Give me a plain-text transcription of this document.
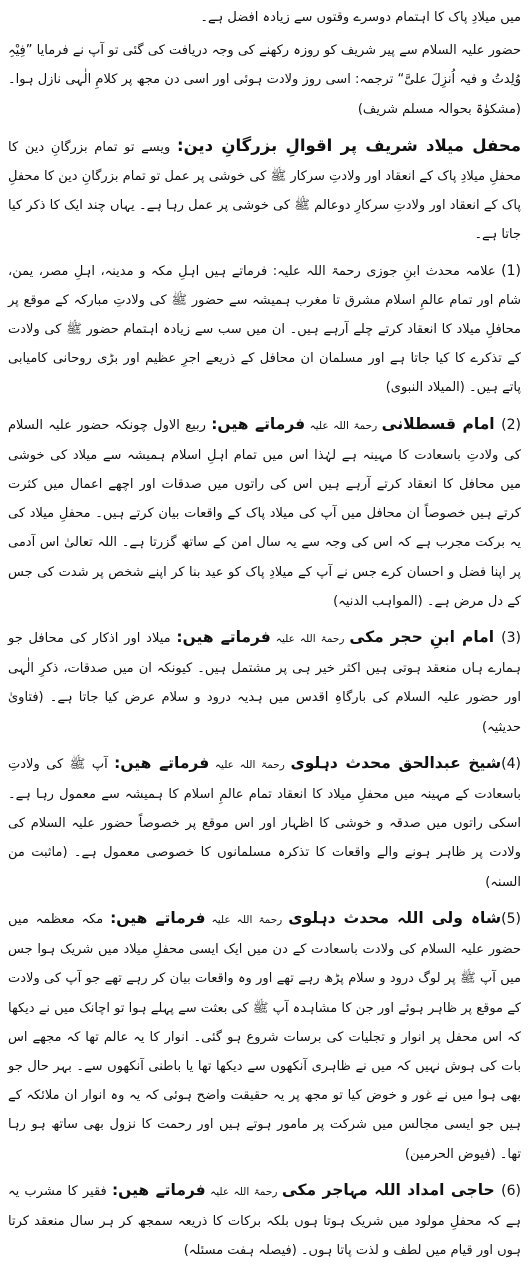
میں میلادِ پاک کا اہتمام دوسرے وقتوں سے زیادہ افضل ہے۔

حضور علیہ السلام سے پیر شریف کو روزہ رکھنے کی وجہ دریافت کی گئی تو آپ نے فرمایا ”فِیْہِ وُلِدتُ و فیہ اُنزِلَ علیَّ“ ترجمہ: اسی روز ولادت ہوئی اور اسی دن مجھ پر کلامِ الٰہی نازل ہوا۔ (مشکوٰۃ بحوالہ مسلم شریف)

محفل میلاد شریف پر اقوالِ بزرگانِ دین: ویسے تو تمام بزرگانِ دین کا محفلِ میلادِ پاک کے انعقاد اور ولادتِ سرکار ﷺ کی خوشی پر عمل تو تمام بزرگانِ دین کا محفلِ پاک کے انعقاد اور ولادتِ سرکارِ دوعالم ﷺ کی خوشی پر عمل رہا ہے۔ یہاں چند ایک کا ذکر کیا جاتا ہے۔

(1) علامہ محدث ابنِ جوزی رحمۃ اللہ علیہ: فرماتے ہیں اہلِ مکہ و مدینہ، اہلِ مصر، یمن، شام اور تمام عالمِ اسلام مشرق تا مغرب ہمیشہ سے حضور ﷺ کی ولادتِ مبارکہ کے موقع پر محافلِ میلاد کا انعقاد کرتے چلے آرہے ہیں۔ ان میں سب سے زیادہ اہتمام حضور ﷺ کی ولادت کے تذکرے کا کیا جاتا ہے اور مسلمان ان محافل کے ذریعے اجرِ عظیم اور بڑی روحانی کامیابی پاتے ہیں۔ (المیلاد النبوی)

(2) امام قسطلانی رحمۃ اللہ علیہ فرماتے ھیں: ربیع الاول چونکہ حضور علیہ السلام کی ولادتِ باسعادت کا مہینہ ہے لہٰذا اس میں تمام اہلِ اسلام ہمیشہ سے میلاد کی خوشی میں محافل کا انعقاد کرتے آرہے ہیں اس کی راتوں میں صدقات اور اچھے اعمال میں کثرت کرتے ہیں خصوصاً ان محافل میں آپ کی میلاد پاک کے واقعات بیان کرتے ہیں۔ محفلِ میلاد کی یہ برکت مجرب ہے کہ اس کی وجہ سے یہ سال امن کے ساتھ گزرتا ہے۔ اللہ تعالیٰ اس آدمی پر اپنا فضل و احسان کرے جس نے آپ کے میلادِ پاک کو عید بنا کر اپنے شخص پر شدت کی جس کے دل مرض ہے۔ (المواہب الدنیہ)

(3) امام ابنِ حجر مکی رحمۃ اللہ علیہ فرماتے ھیں: میلاد اور اذکار کی محافل جو ہمارے ہاں منعقد ہوتی ہیں اکثر خیر ہی پر مشتمل ہیں۔ کیونکہ ان میں صدقات، ذکرِ الٰہی اور حضور علیہ السلام کی بارگاہِ اقدس میں ہدیہ درود و سلام عرض کیا جاتا ہے۔ (فتاویٰ حدیثیہ)

(4)شیخ عبدالحق محدث دہلوی رحمۃ اللہ علیہ فرماتے ھیں: آپ ﷺ کی ولادتِ باسعادت کے مہینہ میں محفلِ میلاد کا انعقاد تمام عالمِ اسلام کا ہمیشہ سے معمول رہا ہے۔ اسکی راتوں میں صدقہ و خوشی کا اظہار اور اس موقع پر خصوصاً حضور علیہ السلام کی ولادت پر ظاہر ہونے والے واقعات کا تذکرہ مسلمانوں کا خصوصی معمول ہے۔ (ماثبت من السنہ)

(5)شاہ ولی اللہ محدث دہلوی رحمۃ اللہ علیہ فرماتے ھیں: مکہ معظمہ میں حضور علیہ السلام کی ولادت باسعادت کے دن میں ایک ایسی محفلِ میلاد میں شریک ہوا جس میں آپ ﷺ پر لوگ درود و سلام پڑھ رہے تھے اور وہ واقعات بیان کر رہے تھے جو آپ کی ولادت کے موقع پر ظاہر ہوئے اور جن کا مشاہدہ آپ ﷺ کی بعثت سے پہلے ہوا تو اچانک میں نے دیکھا کہ اس محفل پر انوار و تجلیات کی برسات شروع ہو گئی۔ انوار کا یہ عالم تھا کہ مجھے اس بات کی ہوش نہیں کہ میں نے ظاہری آنکھوں سے دیکھا تھا یا باطنی آنکھوں سے۔ بہر حال جو بھی ہوا میں نے غور و خوض کیا تو مجھ پر یہ حقیقت واضح ہوئی کہ یہ وہ انوار ان ملائکہ کے ہیں جو ایسی مجالس میں شرکت پر مامور ہوتے ہیں اور رحمت کا نزول بھی ساتھ ہو رہا تھا۔ (فیوض الحرمین)

(6) حاجی امداد اللہ مہاجر مکی رحمۃ اللہ علیہ فرماتے ھیں: فقیر کا مشرب یہ ہے کہ محفلِ مولود میں شریک ہوتا ہوں بلکہ برکات کا ذریعہ سمجھ کر ہر سال منعقد کرتا ہوں اور قیام میں لطف و لذت پاتا ہوں۔ (فیصلہ ہفت مسئلہ)
